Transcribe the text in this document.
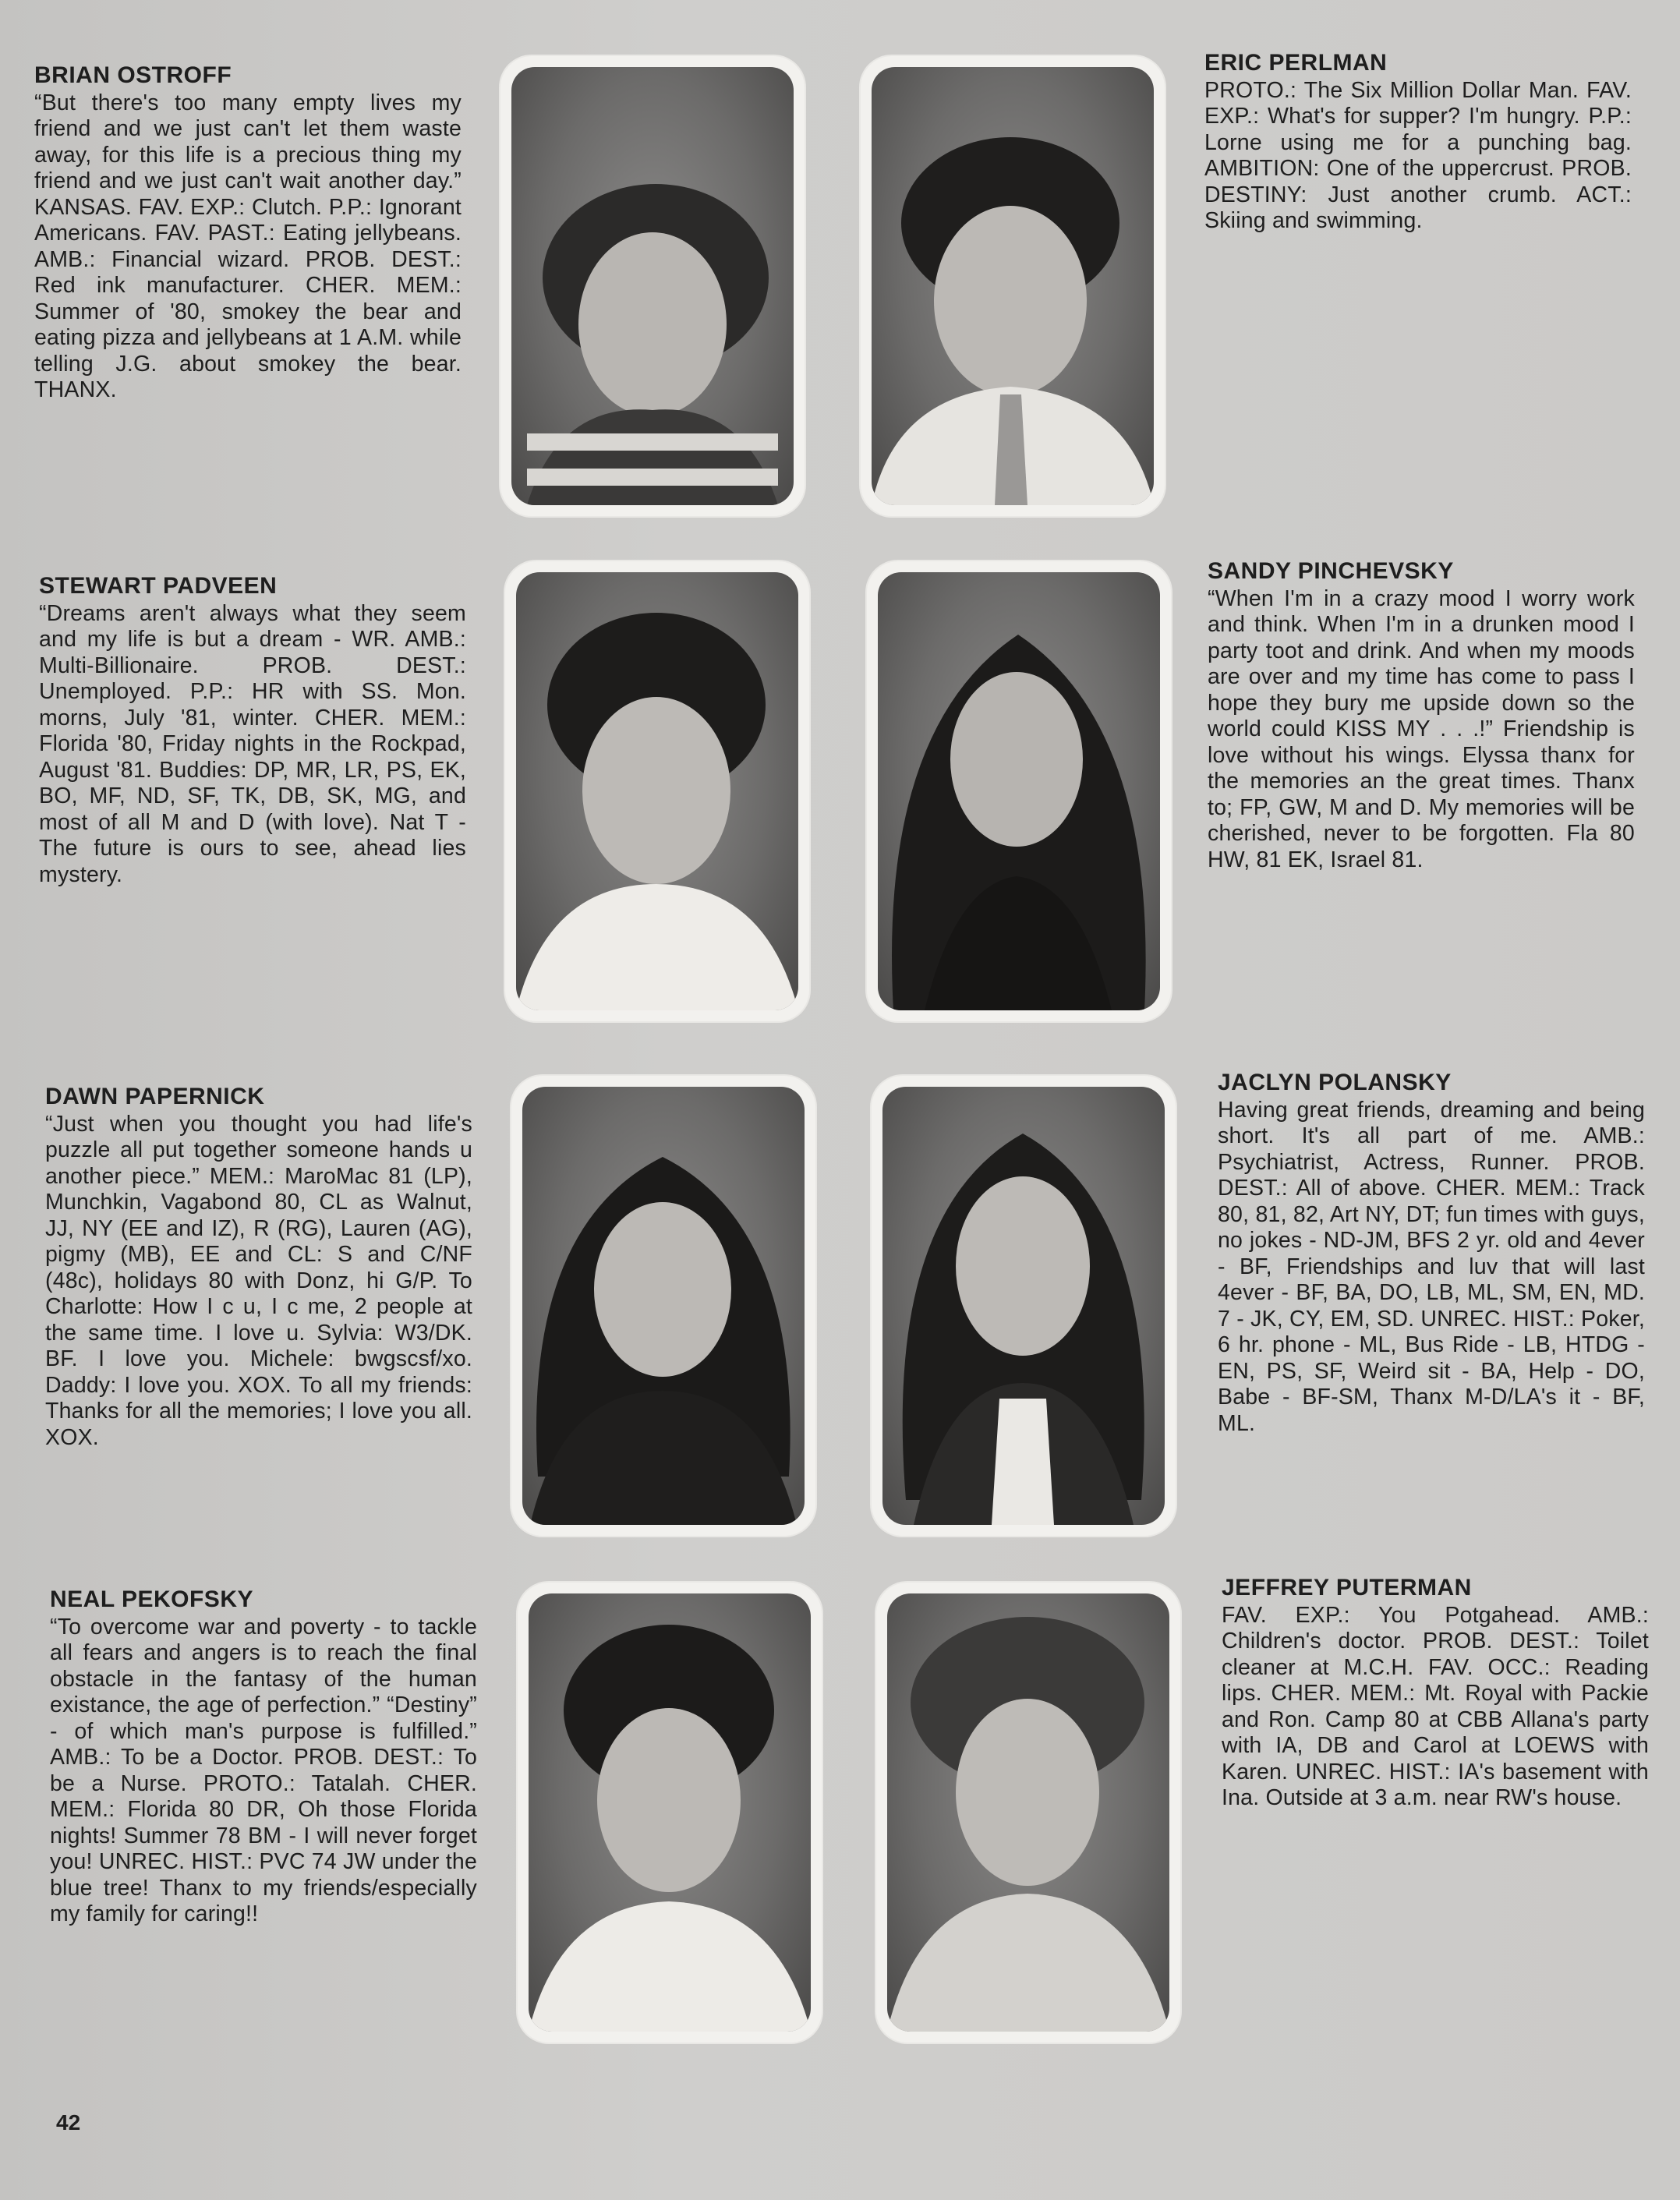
BRIAN OSTROFF
“But there's too many empty lives my friend and we just can't let them waste away, for this life is a precious thing my friend and we just can't wait another day.” KANSAS. FAV. EXP.: Clutch. P.P.: Ignorant Americans. FAV. PAST.: Eating jellybeans. AMB.: Financial wizard. PROB. DEST.: Red ink manufacturer. CHER. MEM.: Summer of '80, smokey the bear and eating pizza and jellybeans at 1 A.M. while telling J.G. about smokey the bear. THANX.
ERIC PERLMAN
PROTO.: The Six Million Dollar Man. FAV. EXP.: What's for supper? I'm hungry. P.P.: Lorne using me for a punching bag. AMBITION: One of the uppercrust. PROB. DESTINY: Just another crumb. ACT.: Skiing and swimming.
STEWART PADVEEN
“Dreams aren't always what they seem and my life is but a dream - WR. AMB.: Multi-Billionaire. PROB. DEST.: Unemployed. P.P.: HR with SS. Mon. morns, July '81, winter. CHER. MEM.: Florida '80, Friday nights in the Rockpad, August '81. Buddies: DP, MR, LR, PS, EK, BO, MF, ND, SF, TK, DB, SK, MG, and most of all M and D (with love). Nat T - The future is ours to see, ahead lies mystery.
SANDY PINCHEVSKY
“When I'm in a crazy mood I worry work and think. When I'm in a drunken mood I party toot and drink. And when my moods are over and my time has come to pass I hope they bury me upside down so the world could KISS MY . . .!” Friendship is love without his wings. Elyssa thanx for the memories an the great times. Thanx to; FP, GW, M and D. My memories will be cherished, never to be forgotten. Fla 80 HW, 81 EK, Israel 81.
DAWN PAPERNICK
“Just when you thought you had life's puzzle all put together someone hands u another piece.” MEM.: MaroMac 81 (LP), Munchkin, Vagabond 80, CL as Walnut, JJ, NY (EE and IZ), R (RG), Lauren (AG), pigmy (MB), EE and CL: S and C/NF (48c), holidays 80 with Donz, hi G/P. To Charlotte: How I c u, I c me, 2 people at the same time. I love u. Sylvia: W3/DK. BF. I love you. Michele: bwgscsf/xo. Daddy: I love you. XOX. To all my friends: Thanks for all the memories; I love you all. XOX.
JACLYN POLANSKY
Having great friends, dreaming and being short. It's all part of me. AMB.: Psychiatrist, Actress, Runner. PROB. DEST.: All of above. CHER. MEM.: Track 80, 81, 82, Art NY, DT; fun times with guys, no jokes - ND-JM, BFS 2 yr. old and 4ever - BF, Friendships and luv that will last 4ever - BF, BA, DO, LB, ML, SM, EN, MD. 7 - JK, CY, EM, SD. UNREC. HIST.: Poker, 6 hr. phone - ML, Bus Ride - LB, HTDG - EN, PS, SF, Weird sit - BA, Help - DO, Babe - BF-SM, Thanx M-D/LA's it - BF, ML.
NEAL PEKOFSKY
“To overcome war and poverty - to tackle all fears and angers is to reach the final obstacle in the fantasy of the human existance, the age of perfection.” “Destiny” - of which man's purpose is fulfilled.” AMB.: To be a Doctor. PROB. DEST.: To be a Nurse. PROTO.: Tatalah. CHER. MEM.: Florida 80 DR, Oh those Florida nights! Summer 78 BM - I will never forget you! UNREC. HIST.: PVC 74 JW under the blue tree! Thanx to my friends/especially my family for caring!!
JEFFREY PUTERMAN
FAV. EXP.: You Potgahead. AMB.: Children's doctor. PROB. DEST.: Toilet cleaner at M.C.H. FAV. OCC.: Reading lips. CHER. MEM.: Mt. Royal with Packie and Ron. Camp 80 at CBB Allana's party with IA, DB and Carol at LOEWS with Karen. UNREC. HIST.: IA's basement with Ina. Outside at 3 a.m. near RW's house.
42
